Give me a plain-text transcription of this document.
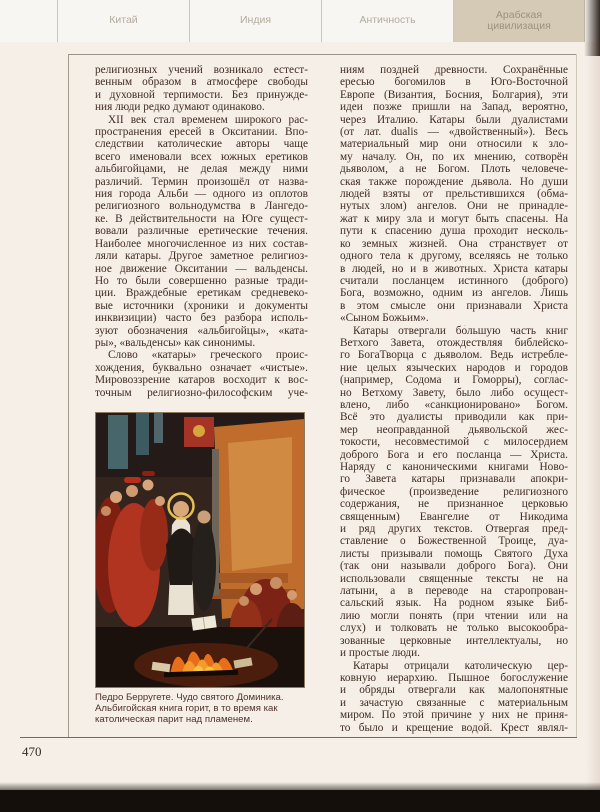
Китай	Индия	Античность	Арабская цивилизация
религиозных учений возникало естест-
венным образом в атмосфере свободы
и духовной терпимости. Без принужде-
ния люди редко думают одинаково.
XII век стал временем широкого рас-
пространения ересей в Окситании. Впо-
следствии католические авторы чаще
всего именовали всех южных еретиков
альбигойцами, не делая между ними
различий. Термин произошёл от назва-
ния города Альби — одного из оплотов
религиозного вольнодумства в Лангедо-
ке. В действительности на Юге сущест-
вовали различные еретические течения.
Наиболее многочисленное из них состав-
ляли катары. Другое заметное религиоз-
ное движение Окситании — вальденсы.
Но то были совершенно разные тради-
ции. Враждебные еретикам средневеко-
вые источники (хроники и документы
инквизиции) часто без разбора исполь-
зуют обозначения «альбигойцы», «ката-
ры», «вальденсы» как синонимы.
Слово «катары» греческого проис-
хождения, буквально означает «чистые».
Мировоззрение катаров восходит к вос-
точным религиозно-философским уче-
ниям поздней древности. Сохранённые
ересью богомилов в Юго-Восточной
Европе (Византия, Босния, Болгария), эти
идеи позже пришли на Запад, вероятно,
через Италию. Катары были дуалистами
(от лат. dualis — «двойственный»). Весь
материальный мир они относили к зло-
му началу. Он, по их мнению, сотворён
дьяволом, а не Богом. Плоть человече-
ская также порождение дьявола. Но души
людей взяты от прельстившихся (обма-
нутых злом) ангелов. Они не принадле-
жат к миру зла и могут быть спасены. На
пути к спасению душа проходит несколь-
ко земных жизней. Она странствует от
одного тела к другому, вселяясь не только
в людей, но и в животных. Христа катары
считали посланцем истинного (доброго)
Бога, возможно, одним из ангелов. Лишь
в этом смысле они признавали Христа
«Сыном Божьим».
Катары отвергали бо́льшую часть книг
Ветхого Завета, отождествляя библейско-
го БогаТворца с дьяволом. Ведь истребле-
ние целых языческих народов и городов
(например, Содома и Гоморры), соглас-
но Ветхому Завету, было либо осущест-
влено, либо «санкционировано» Богом.
Всё это дуалисты приводили как при-
мер неоправданной дьявольской жес-
токости, несовместимой с милосердием
доброго Бога и его посланца — Христа.
Наряду с каноническими книгами Ново-
го Завета катары признавали апокри-
фическое (произведение религиозного
содержания, не признанное церковью
священным) Евангелие от Никодима
и ряд других текстов. Отвергая пред-
ставление о Божественной Троице, дуа-
листы призывали помощь Святого Духа
(так они называли доброго Бога). Они
использовали священные тексты не на
латыни, а в переводе на старопрован-
сальский язык. На родном языке Биб-
лию могли понять (при чтении или на
слух) и толковать не только высокообра-
зованные церковные интеллектуалы, но
и простые люди.
Катары отрицали католическую цер-
ковную иерархию. Пышное богослужение
и обряды отвергали как малопонятные
и зачастую связанные с материальным
миром. По этой причине у них не приня-
то было и крещение водой. Крест являл-
Педро Берругете. Чудо святого Доминика.
Альбигойская книга горит, в то время как
католическая парит над пламенем.
470
